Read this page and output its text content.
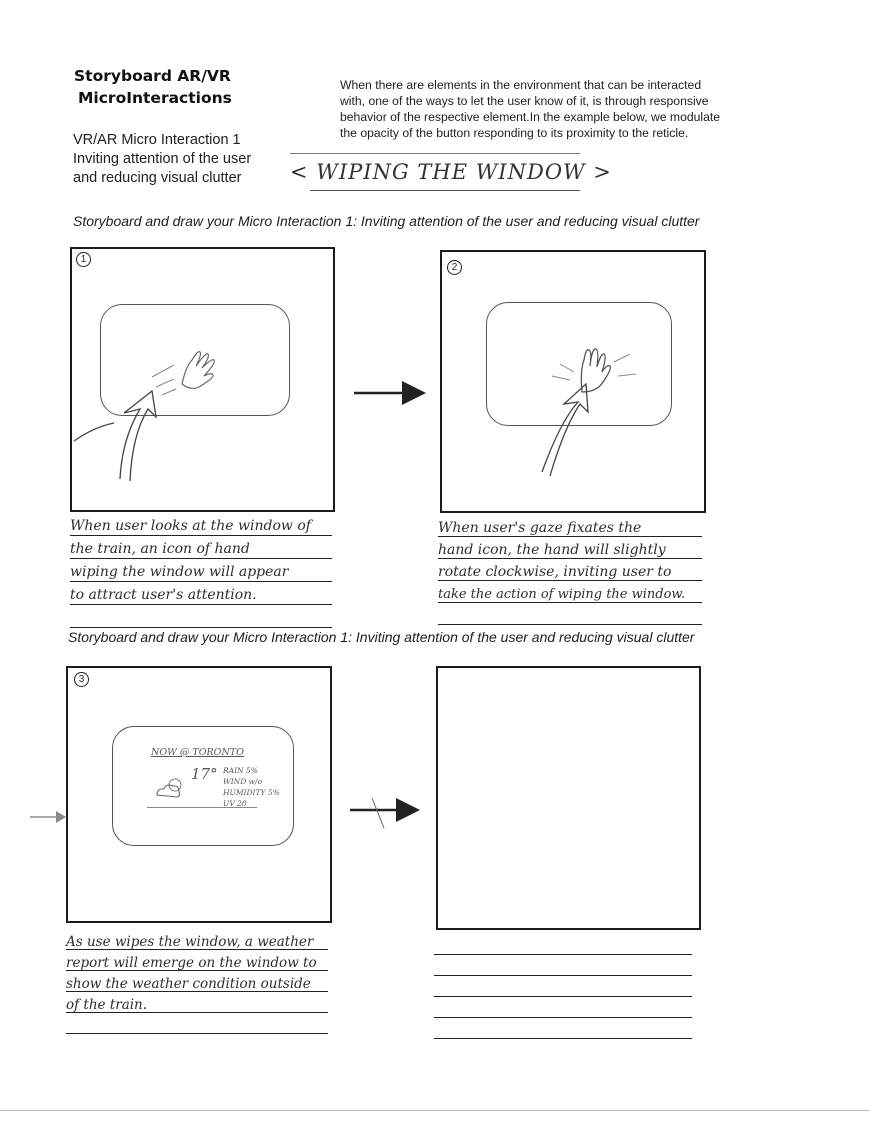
Storyboard AR/VR
MicroInteractions
When there are elements in the environment that can be interacted
with, one of the ways to let the user know of it, is through responsive
behavior of the respective element.In the example below, we modulate
the opacity of the button responding to its proximity to the reticle.
VR/AR Micro Interaction 1
Inviting attention of the user
and reducing visual clutter	< WIPING THE WINDOW >
Storyboard and draw your Micro Interaction 1: Inviting attention of the user and reducing visual clutter
1
2
When user looks at the window of
the train, an icon of hand
wiping the window will appear
to attract user's attention.
When user's gaze fixates the
hand icon, the hand will slightly
rotate clockwise, inviting user to
take the action of wiping the window.
Storyboard and draw your Micro Interaction 1: Inviting attention of the user and reducing visual clutter
3
NOW @ TORONTO
17° RAIN 5%
WIND w/o
HUMIDITY 5%
UV 20
As use wipes the window, a weather
report will emerge on the window to
show the weather condition outside
of the train.
